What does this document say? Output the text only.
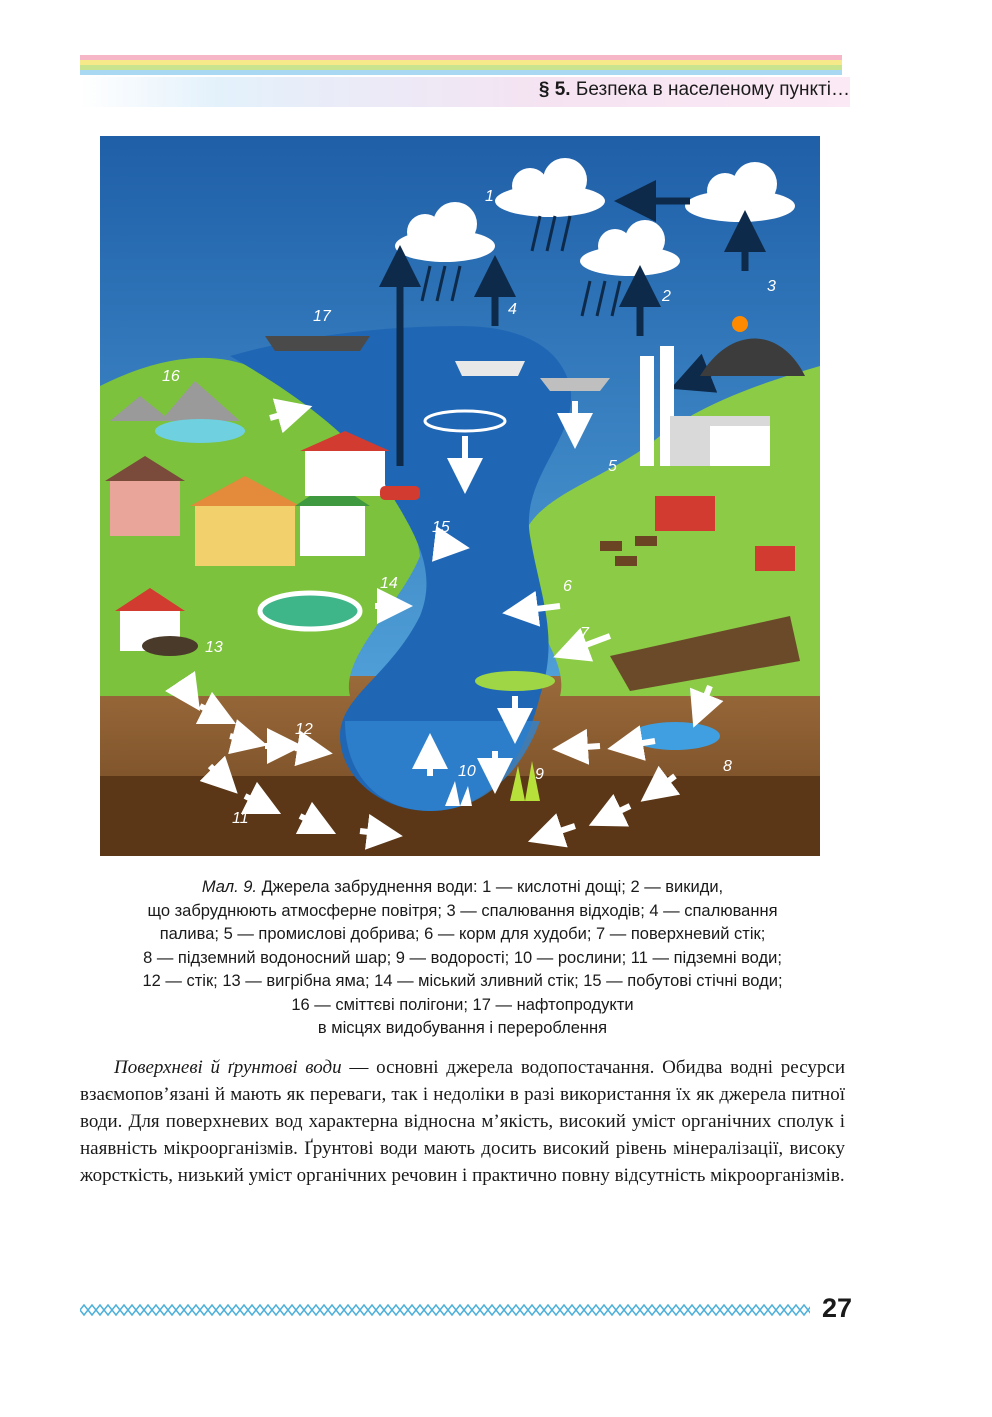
§ 5. Безпека в населеному пункті…
1
2
3
4
5
6
7
8
9
10
11
12
13
14
15
16
17
Мал. 9. Джерела забруднення води: 1 — кислотні дощі; 2 — викиди,
що забруднюють атмосферне повітря; 3 — спалювання відходів; 4 — спалювання
палива; 5 — промислові добрива; 6 — корм для худоби; 7 — поверхневий стік;
8 — підземний водоносний шар; 9 — водорості; 10 — рослини; 11 — підземні води;
12 — стік; 13 — вигрібна яма; 14 — міський зливний стік; 15 — побутові стічні води;
16 — сміттєві полігони; 17 — нафтопродукти
в місцях видобування і перероблення

Поверхневі й ґрунтові води — основні джерела водопостачання. Обидва водні ресурси взаємопов’язані й мають як переваги, так і недоліки в разі використання їх як джерела питної води. Для поверхневих вод характерна відносна м’якість, високий уміст органічних сполук і наявність мікроорганізмів. Ґрунтові води мають досить високий рівень мінералізації, високу жорсткість, низький уміст органічних речовин і практично повну відсутність мікроорганізмів.

27
